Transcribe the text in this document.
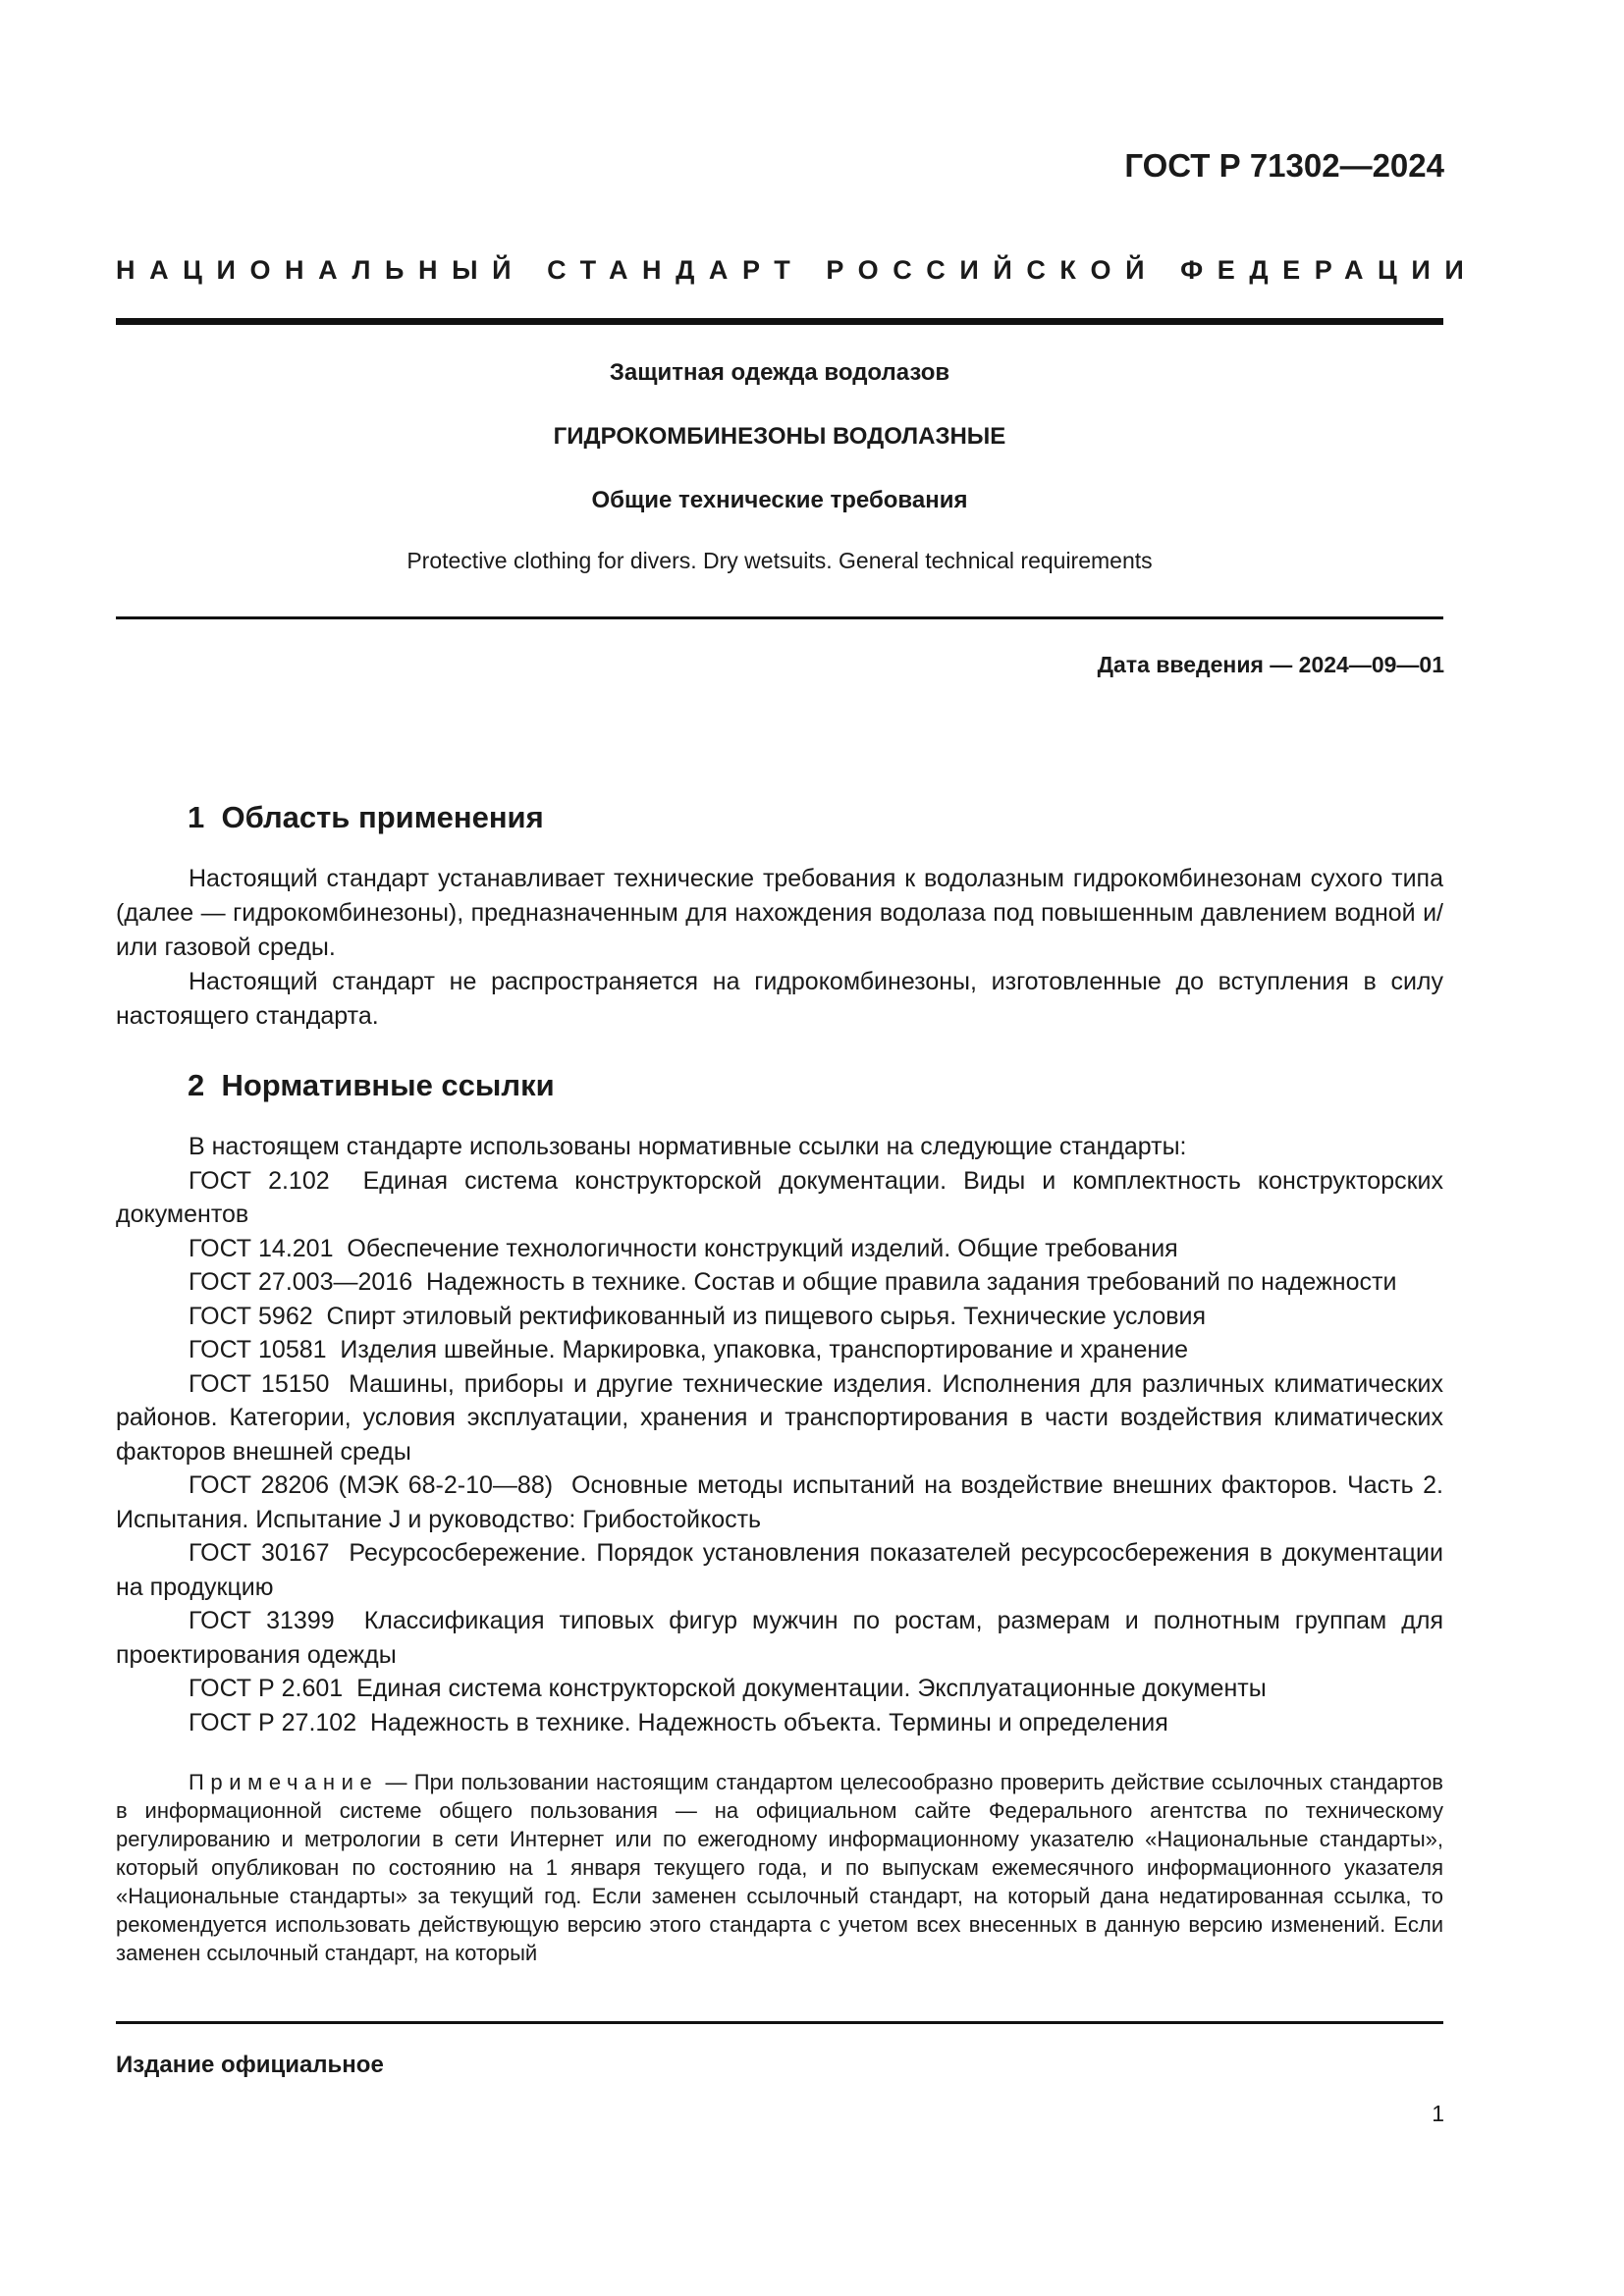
ГОСТ Р 71302—2024
НАЦИОНАЛЬНЫЙ СТАНДАРТ РОССИЙСКОЙ ФЕДЕРАЦИИ
Защитная одежда водолазов
ГИДРОКОМБИНЕЗОНЫ ВОДОЛАЗНЫЕ
Общие технические требования
Protective clothing for divers. Dry wetsuits. General technical requirements
Дата введения — 2024—09—01
1  Область применения

Настоящий стандарт устанавливает технические требования к водолазным гидрокомбинезонам сухого типа (далее — гидрокомбинезоны), предназначенным для нахождения водолаза под повышенным давлением водной и/или газовой среды.

Настоящий стандарт не распространяется на гидрокомбинезоны, изготовленные до вступления в силу настоящего стандарта.

2  Нормативные ссылки

В настоящем стандарте использованы нормативные ссылки на следующие стандарты:

ГОСТ 2.102  Единая система конструкторской документации. Виды и комплектность конструкторских документов

ГОСТ 14.201  Обеспечение технологичности конструкций изделий. Общие требования

ГОСТ 27.003—2016  Надежность в технике. Состав и общие правила задания требований по надежности

ГОСТ 5962  Спирт этиловый ректификованный из пищевого сырья. Технические условия

ГОСТ 10581  Изделия швейные. Маркировка, упаковка, транспортирование и хранение

ГОСТ 15150  Машины, приборы и другие технические изделия. Исполнения для различных климатических районов. Категории, условия эксплуатации, хранения и транспортирования в части воздействия климатических факторов внешней среды

ГОСТ 28206 (МЭК 68-2-10—88)  Основные методы испытаний на воздействие внешних факторов. Часть 2. Испытания. Испытание J и руководство: Грибостойкость

ГОСТ 30167  Ресурсосбережение. Порядок установления показателей ресурсосбережения в документации на продукцию

ГОСТ 31399  Классификация типовых фигур мужчин по ростам, размерам и полнотным группам для проектирования одежды

ГОСТ Р 2.601  Единая система конструкторской документации. Эксплуатационные документы

ГОСТ Р 27.102  Надежность в технике. Надежность объекта. Термины и определения

Примечание — При пользовании настоящим стандартом целесообразно проверить действие ссылочных стандартов в информационной системе общего пользования — на официальном сайте Федерального агентства по техническому регулированию и метрологии в сети Интернет или по ежегодному информационному указателю «Национальные стандарты», который опубликован по состоянию на 1 января текущего года, и по выпускам ежемесячного информационного указателя «Национальные стандарты» за текущий год. Если заменен ссылочный стандарт, на который дана недатированная ссылка, то рекомендуется использовать действующую версию этого стандарта с учетом всех внесенных в данную версию изменений. Если заменен ссылочный стандарт, на который
Издание официальное
1
